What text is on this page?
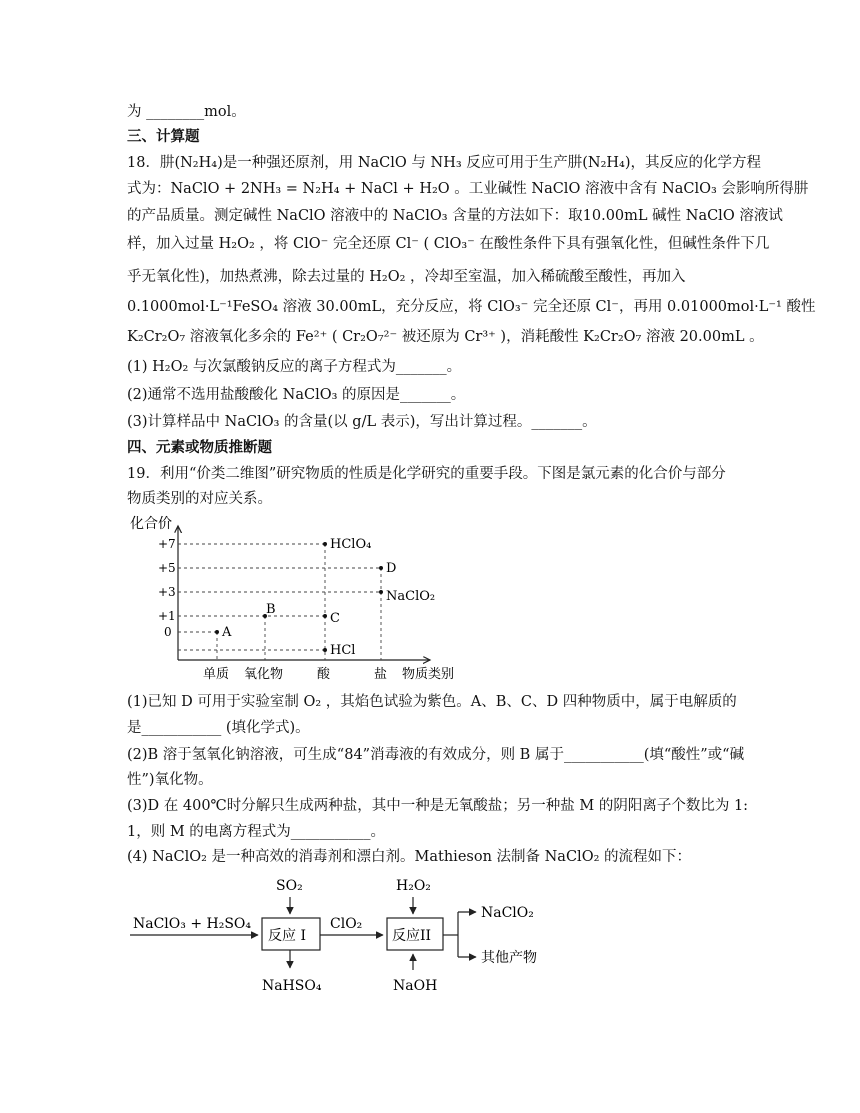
为 ________mol。
三、计算题
18．肼(N₂H₄)是一种强还原剂，用 NaClO 与 NH₃ 反应可用于生产肼(N₂H₄)，其反应的化学方程
式为：NaClO + 2NH₃ = N₂H₄ + NaCl + H₂O 。工业碱性 NaClO 溶液中含有 NaClO₃ 会影响所得肼
的产品质量。测定碱性 NaClO 溶液中的 NaClO₃ 含量的方法如下：取10.00mL 碱性 NaClO 溶液试
样，加入过量 H₂O₂ ，将 ClO⁻ 完全还原 Cl⁻ ( ClO₃⁻ 在酸性条件下具有强氧化性，但碱性条件下几
乎无氧化性)，加热煮沸，除去过量的 H₂O₂ ，冷却至室温，加入稀硫酸至酸性，再加入
0.1000mol·L⁻¹FeSO₄ 溶液 30.00mL，充分反应，将 ClO₃⁻ 完全还原 Cl⁻，再用 0.01000mol·L⁻¹ 酸性
K₂Cr₂O₇ 溶液氧化多余的 Fe²⁺ ( Cr₂O₇²⁻ 被还原为 Cr³⁺ )，消耗酸性 K₂Cr₂O₇ 溶液 20.00mL 。
(1) H₂O₂ 与次氯酸钠反应的离子方程式为_______。
(2)通常不选用盐酸酸化 NaClO₃ 的原因是_______。
(3)计算样品中 NaClO₃ 的含量(以 g/L 表示)，写出计算过程。_______。
四、元素或物质推断题
19．利用“价类二维图”研究物质的性质是化学研究的重要手段。下图是氯元素的化合价与部分
物质类别的对应关系。
化合价
+7
+5
+3
+1
0	A
B
C
HClO₄
HCl
D
NaClO₂
单质 氧化物	酸	盐 物质类别
(1)已知 D 可用于实验室制 O₂ ，其焰色试验为紫色。A、B、C、D 四种物质中，属于电解质的
是___________ (填化学式)。
(2)B 溶于氢氧化钠溶液，可生成“84”消毒液的有效成分，则 B 属于___________(填“酸性”或“碱
性”)氧化物。
(3)D 在 400℃时分解只生成两种盐，其中一种是无氧酸盐；另一种盐 M 的阴阳离子个数比为 1:
1，则 M 的电离方程式为___________。
(4) NaClO₂ 是一种高效的消毒剂和漂白剂。Mathieson 法制备 NaClO₂ 的流程如下：
NaClO₃ + H₂SO₄
SO₂
反应 I
NaHSO₄
ClO₂
H₂O₂
反应II
NaOH
NaClO₂
其他产物
